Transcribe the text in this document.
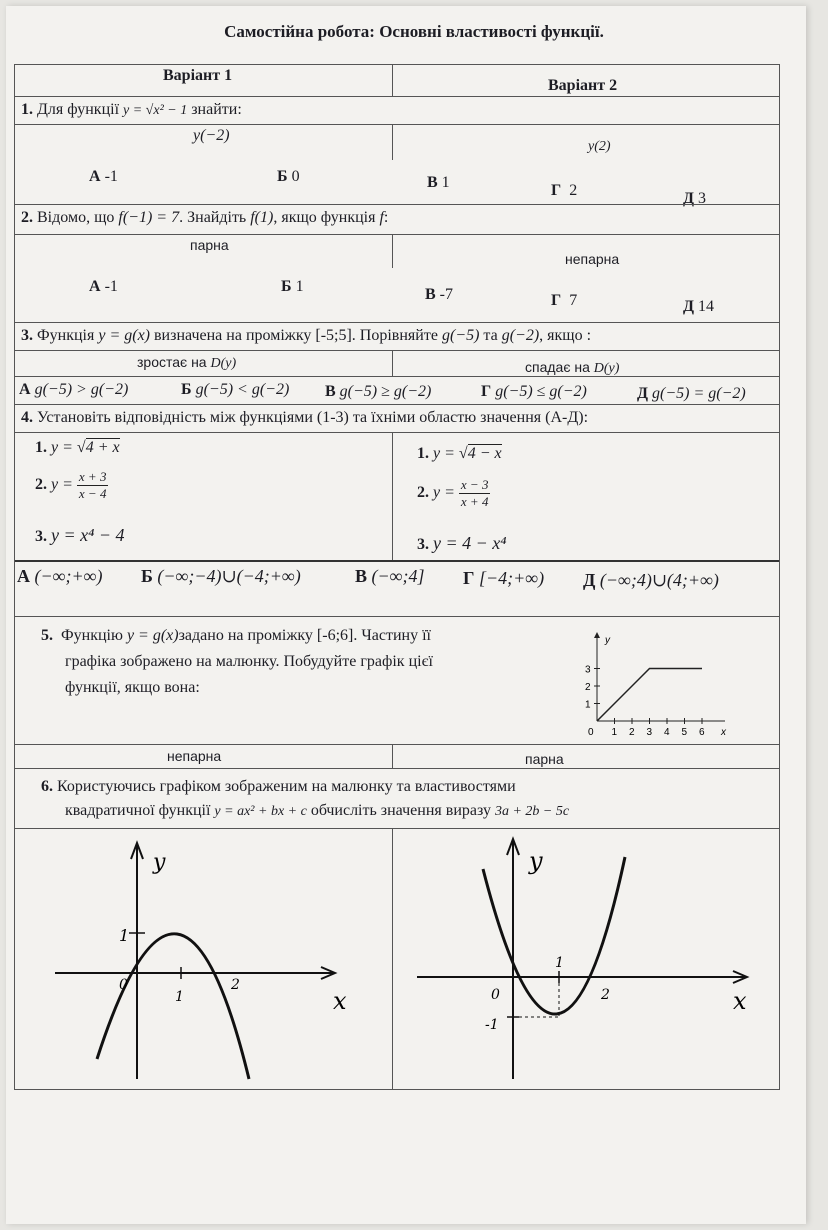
Самостійна робота: Основні властивості функції.
Варіант 1
Варіант 2
1. Для функції y = √x² − 1 знайти:
y(−2)
y(2)
А -1	Б 0	В 1	Г 2	Д 3
2. Відомо, що f(−1) = 7. Знайдіть f(1), якщо функція f:
парна
непарна
А -1	Б 1	В -7	Г 7	Д 14
3. Функція y = g(x) визначена на проміжку [-5;5]. Порівняйте g(−5) та g(−2), якщо :
зростає на D(y)	спадає на D(y)
А g(−5) > g(−2)	Б g(−5) < g(−2) В g(−5) ≥ g(−2)	Г g(−5) ≤ g(−2)	Д g(−5) = g(−2)
4. Установіть відповідність між функціями (1-3) та їхніми областю значення (А-Д):
1. y = √4 + x
2. $y = \frac{x + 3}{x - 4}$
3. y = x⁴ − 4
1. y = √4 − x
2. $y = \frac{x - 3}{x + 4}$
3. y = 4 − x⁴
А (−∞;+∞) Б (−∞;−4)∪(−4;+∞)	В (−∞;4] Г [−4;+∞) Д (−∞;4)∪(4;+∞)
5. Функцію y = g(x)задано на проміжку [-6;6]. Частину її
графіка зображено на малюнку. Побудуйте графік цієї
функції, якщо вона:
y
x
0 1 2 3 4 5 6
1
2
3
непарна	парна
6. Користуючись графіком зображеним на малюнку та властивостями
квадратичної функції y = ax² + bx + c обчисліть значення виразу 3a + 2b − 5c
y
x
1
1
0	2
y
x
1
0	2
-1
